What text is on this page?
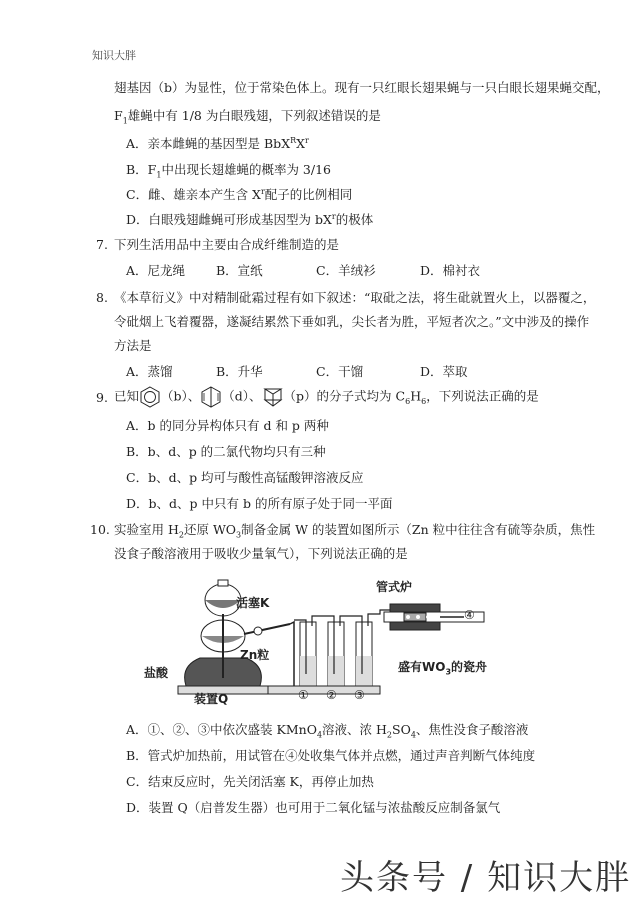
知识大胖
翅基因（b）为显性，位于常染色体上。现有一只红眼长翅果蝇与一只白眼长翅果蝇交配，
$F_1$雄蝇中有 1/8 为白眼残翅，下列叙述错误的是
A．亲本雌蝇的基因型是 $BbX^RX^r$
B．$F_1$中出现长翅雄蝇的概率为 3/16
C．雌、雄亲本产生含 $X^r$配子的比例相同
D．白眼残翅雌蝇可形成基因型为 $bX^r$的极体
7. 下列生活用品中主要由合成纤维制造的是
A．尼龙绳 B．宣纸	C．羊绒衫	D．棉衬衣
8. 《本草衍义》中对精制砒霜过程有如下叙述：“取砒之法，将生砒就置火上，以器覆之，
令砒烟上飞着覆器，遂凝结累然下垂如乳，尖长者为胜，平短者次之。”文中涉及的操作
方法是
A．蒸馏	B．升华	C．干馏	D．萃取
9. 已知 （b）、 （d）、 （p）的分子式均为 $C_6H_6$，下列说法正确的是
A．b 的同分异构体只有 d 和 p 两种
B．b、d、p 的二氯代物均只有三种
C．b、d、p 均可与酸性高锰酸钾溶液反应
D．b、d、p 中只有 b 的所有原子处于同一平面
10. 实验室用 $H_2$还原 $WO_3$制备金属 W 的装置如图所示（Zn 粒中往往含有硫等杂质，焦性
没食子酸溶液用于吸收少量氧气），下列说法正确的是
管式炉
活塞K
Zn粒
盐酸
装置Q
盛有$WO_3$的瓷舟
① ② ③
④
A．①、②、③中依次盛装 KMnO$_4$溶液、浓 $H_2SO_4$、焦性没食子酸溶液
B．管式炉加热前，用试管在④处收集气体并点燃，通过声音判断气体纯度
C．结束反应时，先关闭活塞 K，再停止加热
D．装置 Q（启普发生器）也可用于二氧化锰与浓盐酸反应制备氯气
头条号 / 知识大胖
